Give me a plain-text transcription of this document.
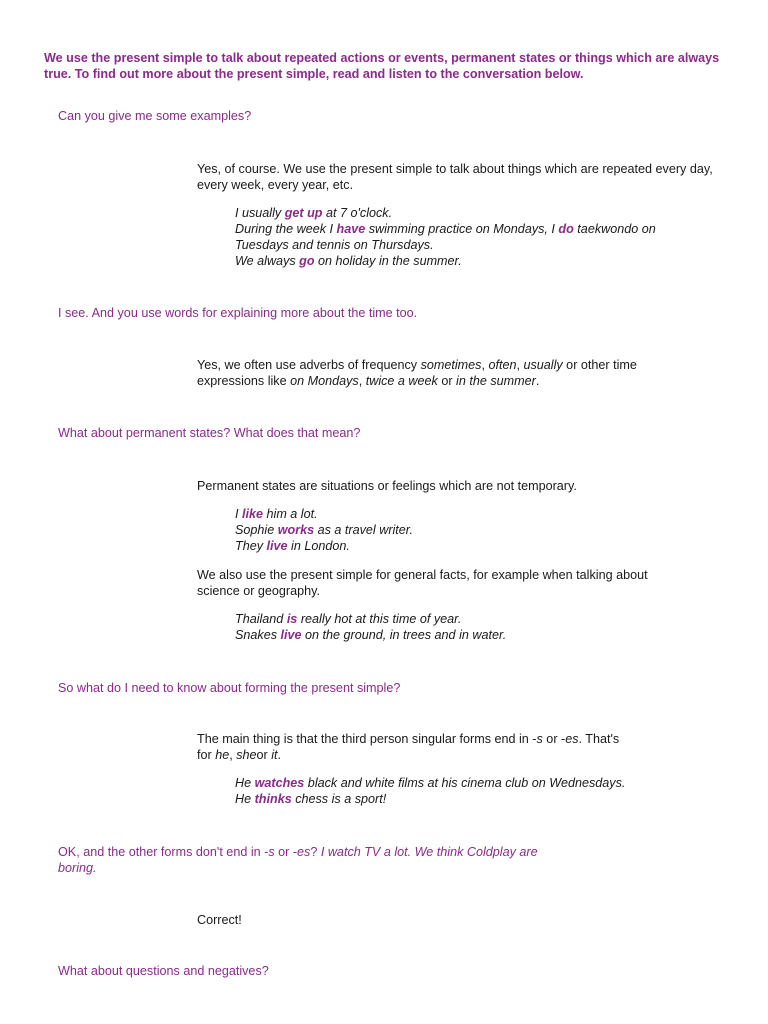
We use the present simple to talk about repeated actions or events, permanent states or things which are always true. To find out more about the present simple, read and listen to the conversation below.
Can you give me some examples?
Yes, of course. We use the present simple to talk about things which are repeated every day, every week, every year, etc.
I usually get up at 7 o'clock.
During the week I have swimming practice on Mondays, I do taekwondo on
Tuesdays and tennis on Thursdays.
We always go on holiday in the summer.
I see. And you use words for explaining more about the time too.
Yes, we often use adverbs of frequency sometimes, often, usually or other time
expressions like on Mondays, twice a week or in the summer.
What about permanent states? What does that mean?
Permanent states are situations or feelings which are not temporary.
I like him a lot.
Sophie works as a travel writer.
They live in London.
We also use the present simple for general facts, for example when talking about science or geography.
Thailand is really hot at this time of year.
Snakes live on the ground, in trees and in water.
So what do I need to know about forming the present simple?
The main thing is that the third person singular forms end in -s or -es. That's
for he, sheor it.
He watches black and white films at his cinema club on Wednesdays.
He thinks chess is a sport!
OK, and the other forms don't end in -s or -es? I watch TV a lot. We think Coldplay are boring.
Correct!
What about questions and negatives?
